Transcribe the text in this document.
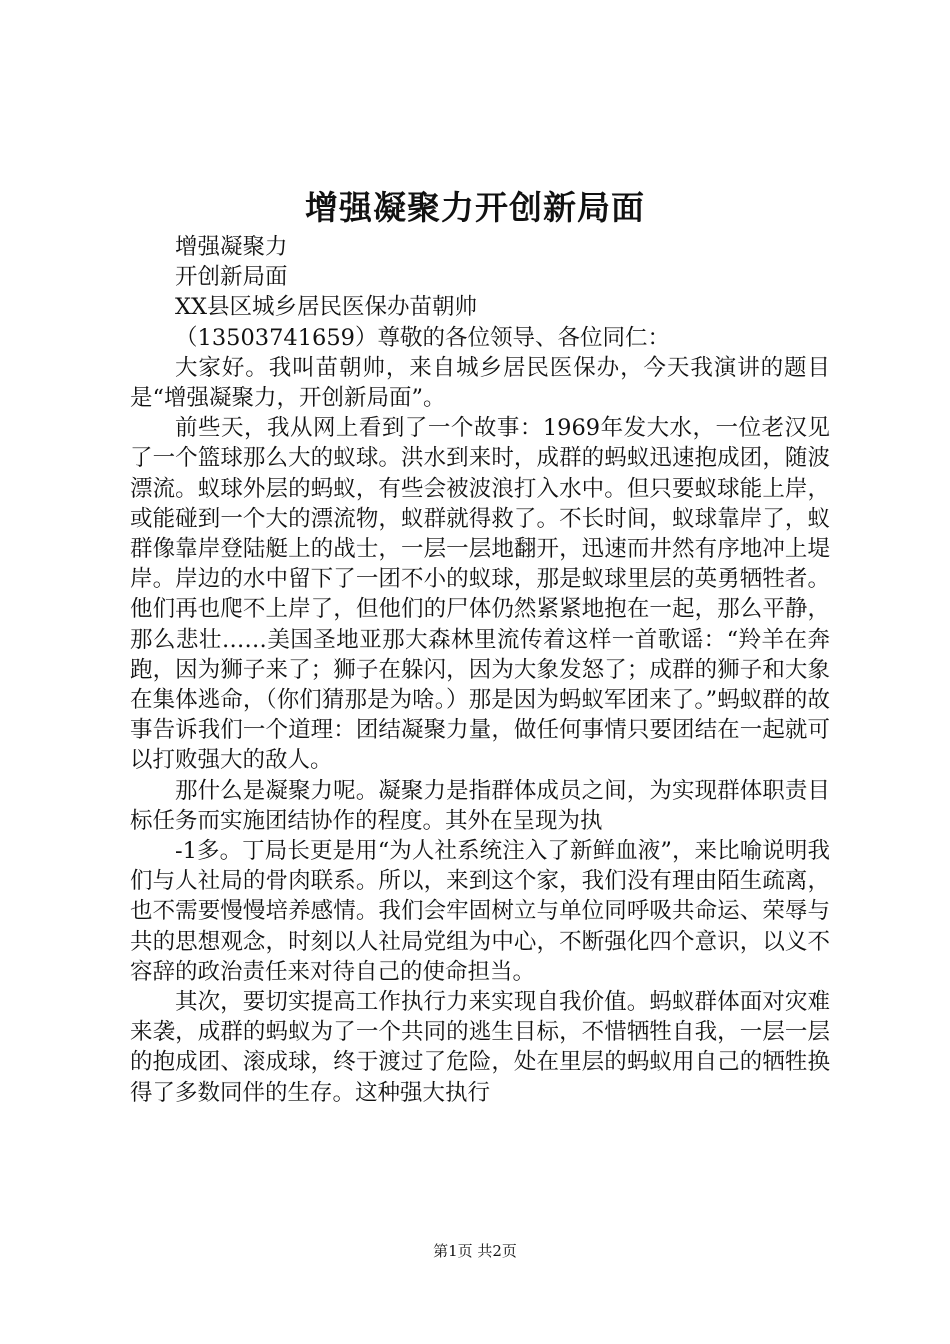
增强凝聚力开创新局面

增强凝聚力

开创新局面

XX县区城乡居民医保办苗朝帅

（13503741659）尊敬的各位领导、各位同仁：

大家好。我叫苗朝帅，来自城乡居民医保办，今天我演讲的题目是“增强凝聚力，开创新局面”。

前些天，我从网上看到了一个故事：1969年发大水，一位老汉见了一个篮球那么大的蚁球。洪水到来时，成群的蚂蚁迅速抱成团，随波漂流。蚁球外层的蚂蚁，有些会被波浪打入水中。但只要蚁球能上岸，或能碰到一个大的漂流物，蚁群就得救了。不长时间，蚁球靠岸了，蚁群像靠岸登陆艇上的战士，一层一层地翻开，迅速而井然有序地冲上堤岸。岸边的水中留下了一团不小的蚁球，那是蚁球里层的英勇牺牲者。他们再也爬不上岸了，但他们的尸体仍然紧紧地抱在一起，那么平静，那么悲壮……美国圣地亚那大森林里流传着这样一首歌谣：“羚羊在奔跑，因为狮子来了；狮子在躲闪，因为大象发怒了；成群的狮子和大象在集体逃命，（你们猜那是为啥。）那是因为蚂蚁军团来了。”蚂蚁群的故事告诉我们一个道理：团结凝聚力量，做任何事情只要团结在一起就可以打败强大的敌人。

那什么是凝聚力呢。凝聚力是指群体成员之间，为实现群体职责目标任务而实施团结协作的程度。其外在呈现为执

-1多。丁局长更是用“为人社系统注入了新鲜血液”，来比喻说明我们与人社局的骨肉联系。所以，来到这个家，我们没有理由陌生疏离，也不需要慢慢培养感情。我们会牢固树立与单位同呼吸共命运、荣辱与共的思想观念，时刻以人社局党组为中心，不断强化四个意识，以义不容辞的政治责任来对待自己的使命担当。

其次，要切实提高工作执行力来实现自我价值。蚂蚁群体面对灾难来袭，成群的蚂蚁为了一个共同的逃生目标，不惜牺牲自我，一层一层的抱成团、滚成球，终于渡过了危险，处在里层的蚂蚁用自己的牺牲换得了多数同伴的生存。这种强大执行

第1页 共2页
